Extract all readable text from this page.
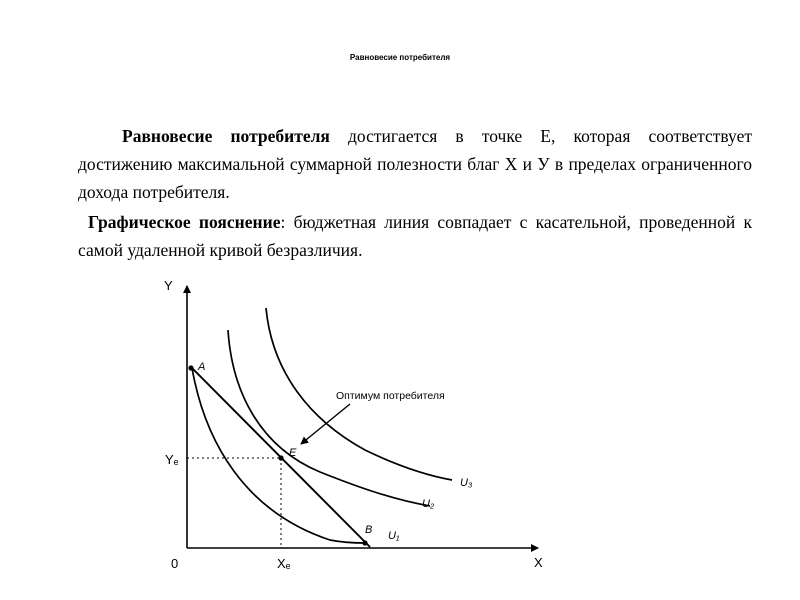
Равновесие потребителя

Равновесие потребителя достигается в точке Е, которая соответствует достижению максимальной суммарной полезности благ Х и У в пределах ограниченного дохода потребителя.

Графическое пояснение: бюджетная линия совпадает с касательной, проведенной к самой удаленной кривой безразличия.

Y
X
0
Yₑ
Xₑ
A
E
B U₁
U₂
U₃
Оптимум потребителя
